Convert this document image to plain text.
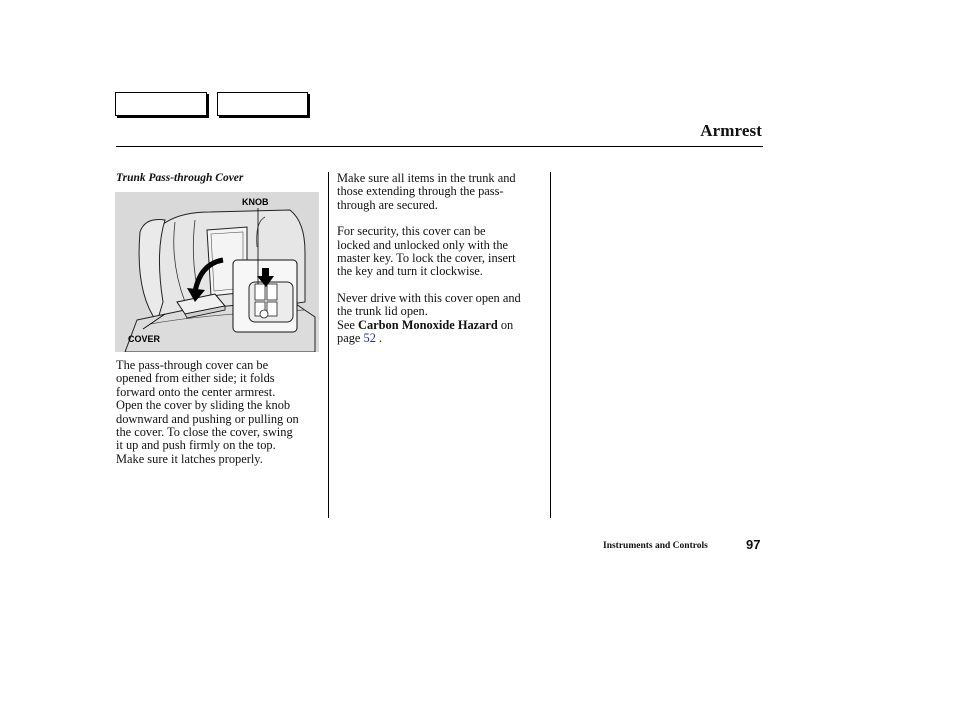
Armrest
Trunk Pass-through Cover
KNOB
COVER

The pass-through cover can be
opened from either side; it folds
forward onto the center armrest.
Open the cover by sliding the knob
downward and pushing or pulling on
the cover. To close the cover, swing
it up and push firmly on the top.
Make sure it latches properly.

Make sure all items in the trunk and
those extending through the pass-
through are secured.

For security, this cover can be
locked and unlocked only with the
master key. To lock the cover, insert
the key and turn it clockwise.

Never drive with this cover open and
the trunk lid open.

See Carbon Monoxide Hazard on
page 52 .
Instruments and Controls	97
